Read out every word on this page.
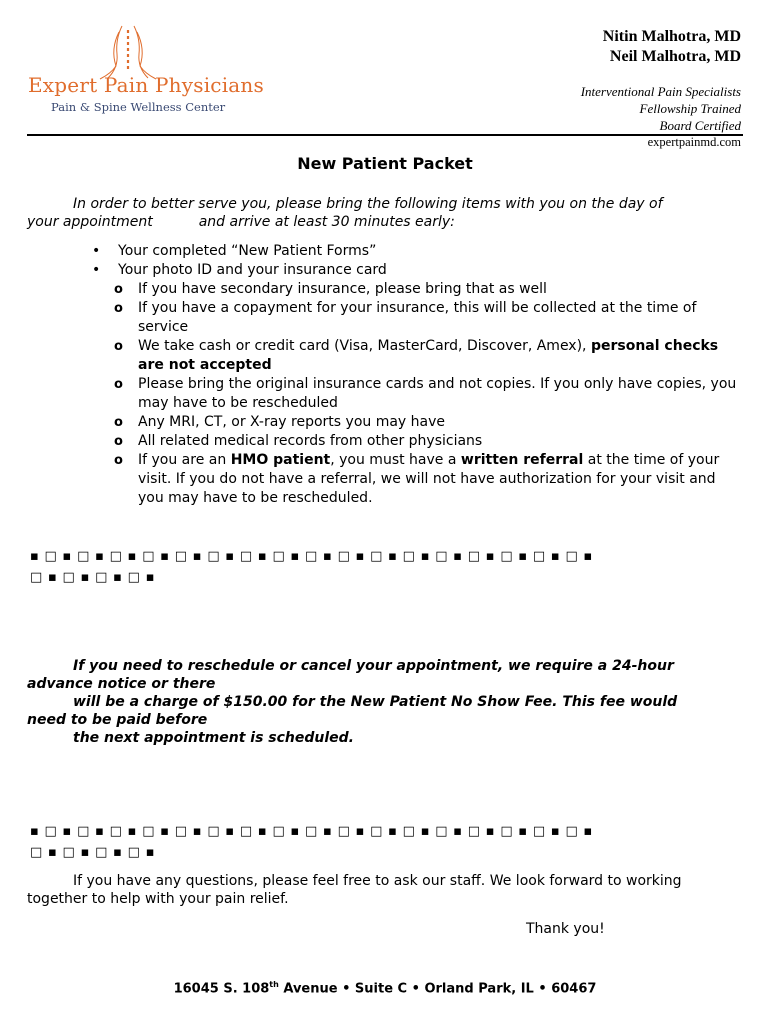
Expert Pain Physicians
Pain & Spine Wellness Center
Nitin Malhotra, MD
Neil Malhotra, MD
Interventional Pain Specialists
Fellowship Trained
Board Certified
expertpainmd.com
New Patient Packet
In order to better serve you, please bring the following items with you on the day of
your appointment	and arrive at least 30 minutes early:
• Your completed “New Patient Forms”
• Your photo ID and your insurance card
o If you have secondary insurance, please bring that as well
o If you have a copayment for your insurance, this will be collected at the time of service
o We take cash or credit card (Visa, MasterCard, Discover, Amex), personal checks are not accepted
o Please bring the original insurance cards and not copies. If you only have copies, you may have to be rescheduled
o Any MRI, CT, or X-ray reports you may have
o All related medical records from other physicians
o If you are an HMO patient, you must have a written referral at the time of your visit. If you do not have a referral, we will not have authorization for your visit and you may have to be rescheduled.
▪ □ ▪ □ ▪ □ ▪ □ ▪ □ ▪ □ ▪ □ ▪ □ ▪ □ ▪ □ ▪ □ ▪ □ ▪ □ ▪ □ ▪ □ ▪ □ ▪ □ ▪
□ ▪ □ ▪ □ ▪ □ ▪
If you need to reschedule or cancel your appointment, we require a 24-hour
advance notice or there
will be a charge of $150.00 for the New Patient No Show Fee. This fee would
need to be paid before
the next appointment is scheduled.
▪ □ ▪ □ ▪ □ ▪ □ ▪ □ ▪ □ ▪ □ ▪ □ ▪ □ ▪ □ ▪ □ ▪ □ ▪ □ ▪ □ ▪ □ ▪ □ ▪ □ ▪
□ ▪ □ ▪ □ ▪ □ ▪
If you have any questions, please feel free to ask our staff. We look forward to working
together to help with your pain relief.
Thank you!
16045 S. 108th Avenue • Suite C • Orland Park, IL • 60467
